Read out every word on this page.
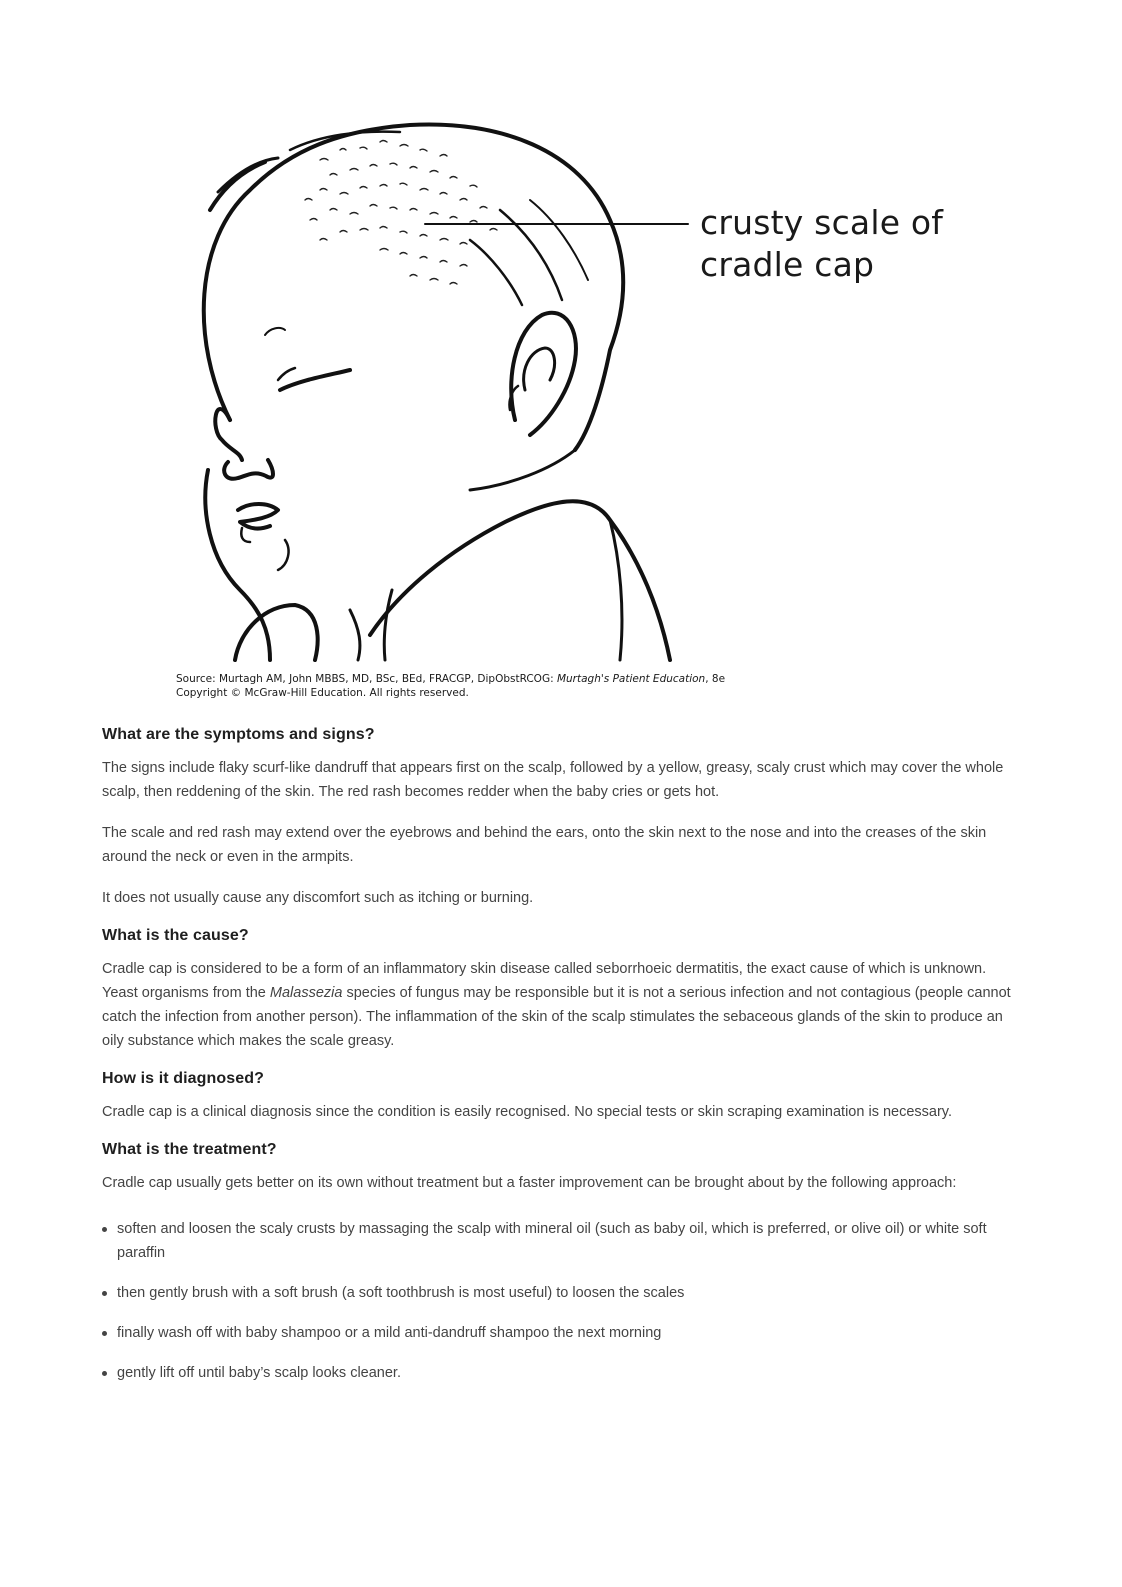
crusty scale of
cradle cap
Source: Murtagh AM, John MBBS, MD, BSc, BEd, FRACGP, DipObstRCOG: Murtagh's Patient Education, 8e
Copyright © McGraw-Hill Education. All rights reserved.
What are the symptoms and signs?

The signs include flaky scurf-like dandruff that appears first on the scalp, followed by a yellow, greasy, scaly crust which may cover the whole scalp, then reddening of the skin. The red rash becomes redder when the baby cries or gets hot.

The scale and red rash may extend over the eyebrows and behind the ears, onto the skin next to the nose and into the creases of the skin around the neck or even in the armpits.

It does not usually cause any discomfort such as itching or burning.

What is the cause?

Cradle cap is considered to be a form of an inflammatory skin disease called seborrhoeic dermatitis, the exact cause of which is unknown. Yeast organisms from the Malassezia species of fungus may be responsible but it is not a serious infection and not contagious (people cannot catch the infection from another person). The inflammation of the skin of the scalp stimulates the sebaceous glands of the skin to produce an oily substance which makes the scale greasy.

How is it diagnosed?

Cradle cap is a clinical diagnosis since the condition is easily recognised. No special tests or skin scraping examination is necessary.

What is the treatment?

Cradle cap usually gets better on its own without treatment but a faster improvement can be brought about by the following approach:

soften and loosen the scaly crusts by massaging the scalp with mineral oil (such as baby oil, which is preferred, or olive oil) or white soft paraffin
then gently brush with a soft brush (a soft toothbrush is most useful) to loosen the scales
finally wash off with baby shampoo or a mild anti-dandruff shampoo the next morning
gently lift off until baby’s scalp looks cleaner.
